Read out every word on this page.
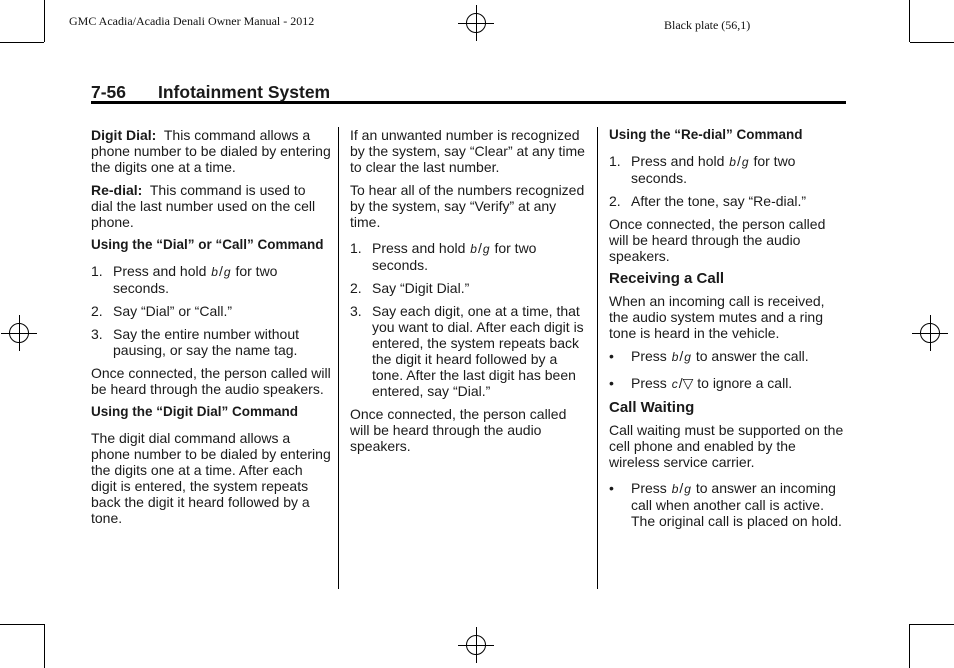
GMC Acadia/Acadia Denali Owner Manual - 2012	Black plate (56,1)
7-56 Infotainment System

Digit Dial: This command allows a phone number to be dialed by entering the digits one at a time.

Re-dial: This command is used to dial the last number used on the cell phone.

Using the “Dial” or “Call” Command
1. Press and hold b/g for two seconds.
2. Say “Dial” or “Call.”
3. Say the entire number without pausing, or say the name tag.

Once connected, the person called will be heard through the audio speakers.

Using the “Digit Dial” Command

The digit dial command allows a phone number to be dialed by entering the digits one at a time. After each digit is entered, the system repeats back the digit it heard followed by a tone.

If an unwanted number is recognized by the system, say “Clear” at any time to clear the last number.

To hear all of the numbers recognized by the system, say “Verify” at any time.

1. Press and hold b/g for two seconds.
2. Say “Digit Dial.”
3. Say each digit, one at a time, that you want to dial. After each digit is entered, the system repeats back the digit it heard followed by a tone. After the last digit has been entered, say “Dial.”

Once connected, the person called will be heard through the audio speakers.

Using the “Re-dial” Command
1. Press and hold b/g for two seconds.
2. After the tone, say “Re-dial.”

Once connected, the person called will be heard through the audio speakers.

Receiving a Call

When an incoming call is received, the audio system mutes and a ring tone is heard in the vehicle.

• Press b/g to answer the call.
• Press c/▽ to ignore a call.
Call Waiting

Call waiting must be supported on the cell phone and enabled by the wireless service carrier.

• Press b/g to answer an incoming call when another call is active. The original call is placed on hold.
